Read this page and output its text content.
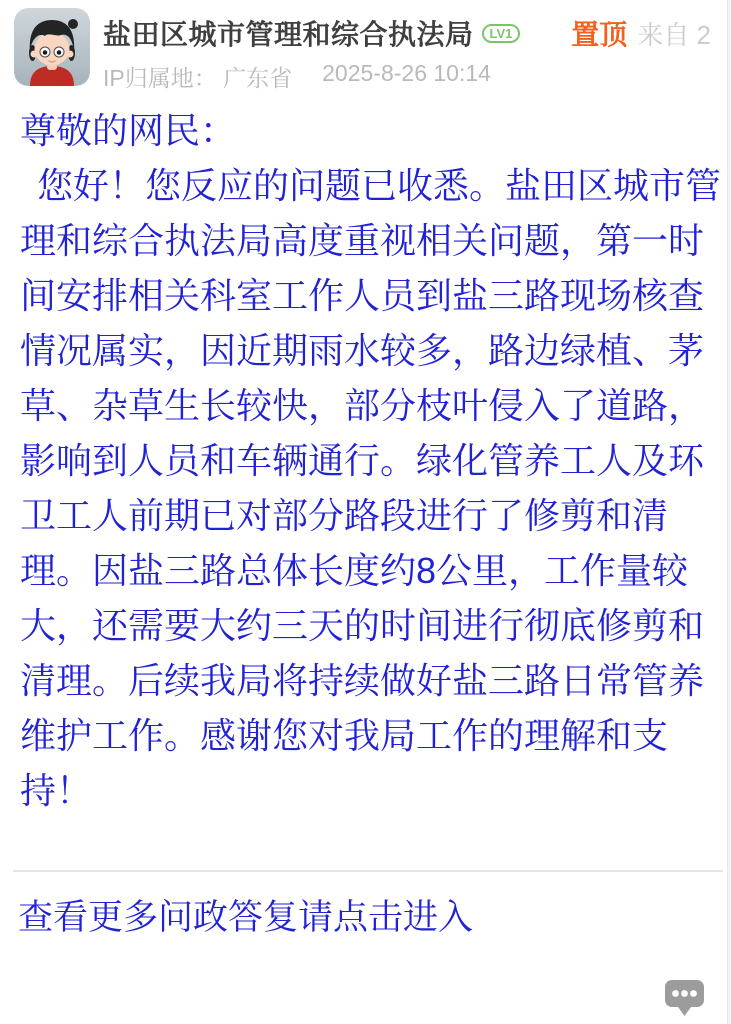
盐田区城市管理和综合执法局	LV1 置顶 来自 2
IP归属地： 广东省 2025-8-26 10:14
尊敬的网民：
您好！您反应的问题已收悉。盐田区城市管
理和综合执法局高度重视相关问题，第一时
间安排相关科室工作人员到盐三路现场核查
情况属实，因近期雨水较多，路边绿植、茅
草、杂草生长较快，部分枝叶侵入了道路，
影响到人员和车辆通行。绿化管养工人及环
卫工人前期已对部分路段进行了修剪和清
理。因盐三路总体长度约8公里，工作量较
大，还需要大约三天的时间进行彻底修剪和
清理。后续我局将持续做好盐三路日常管养
维护工作。感谢您对我局工作的理解和支
持！
查看更多问政答复请点击进入
